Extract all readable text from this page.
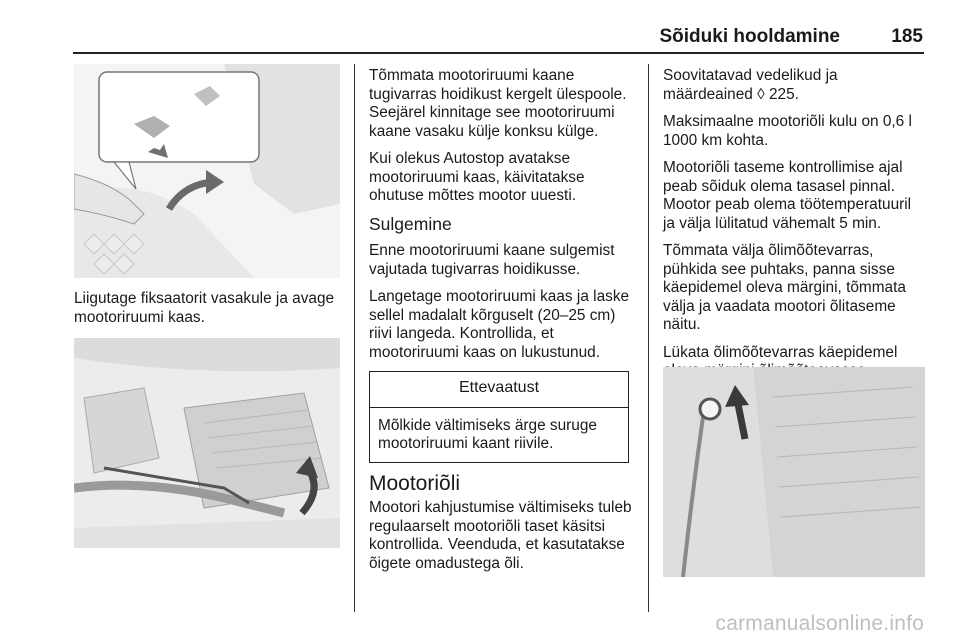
Sõiduki hooldamine	185

Liigutage fiksaatorit vasakule ja avage mootoriruumi kaas.

Tõmmata mootoriruumi kaane tugivarras hoidikust kergelt ülespoole. Seejärel kinnitage see mootoriruumi kaane vasaku külje konksu külge.

Kui olekus Autostop avatakse mootoriruumi kaas, käivitatakse ohutuse mõttes mootor uuesti.

Sulgemine

Enne mootoriruumi kaane sulgemist vajutada tugivarras hoidikusse.

Langetage mootoriruumi kaas ja laske sellel madalalt kõrguselt (20–25 cm) riivi langeda. Kontrollida, et mootoriruumi kaas on lukustunud.

Ettevaatust
Mõlkide vältimiseks ärge suruge mootoriruumi kaant riivile.
Mootoriõli

Mootori kahjustumise vältimiseks tuleb regulaarselt mootoriõli taset käsitsi kontrollida. Veenduda, et kasutatakse õigete omadustega õli.

Soovitatavad vedelikud ja määrdeained ◊ 225.

Maksimaalne mootoriõli kulu on 0,6 l 1000 km kohta.

Mootoriõli taseme kontrollimise ajal peab sõiduk olema tasasel pinnal. Mootor peab olema töötemperatuuril ja välja lülitatud vähemalt 5 min.

Tõmmata välja õlimõõtevarras, pühkida see puhtaks, panna sisse käepidemel oleva märgini, tõmmata välja ja vaadata mootori õlitaseme näitu.

Lükata õlimõõtevarras käepidemel

carmanualsonline.info
